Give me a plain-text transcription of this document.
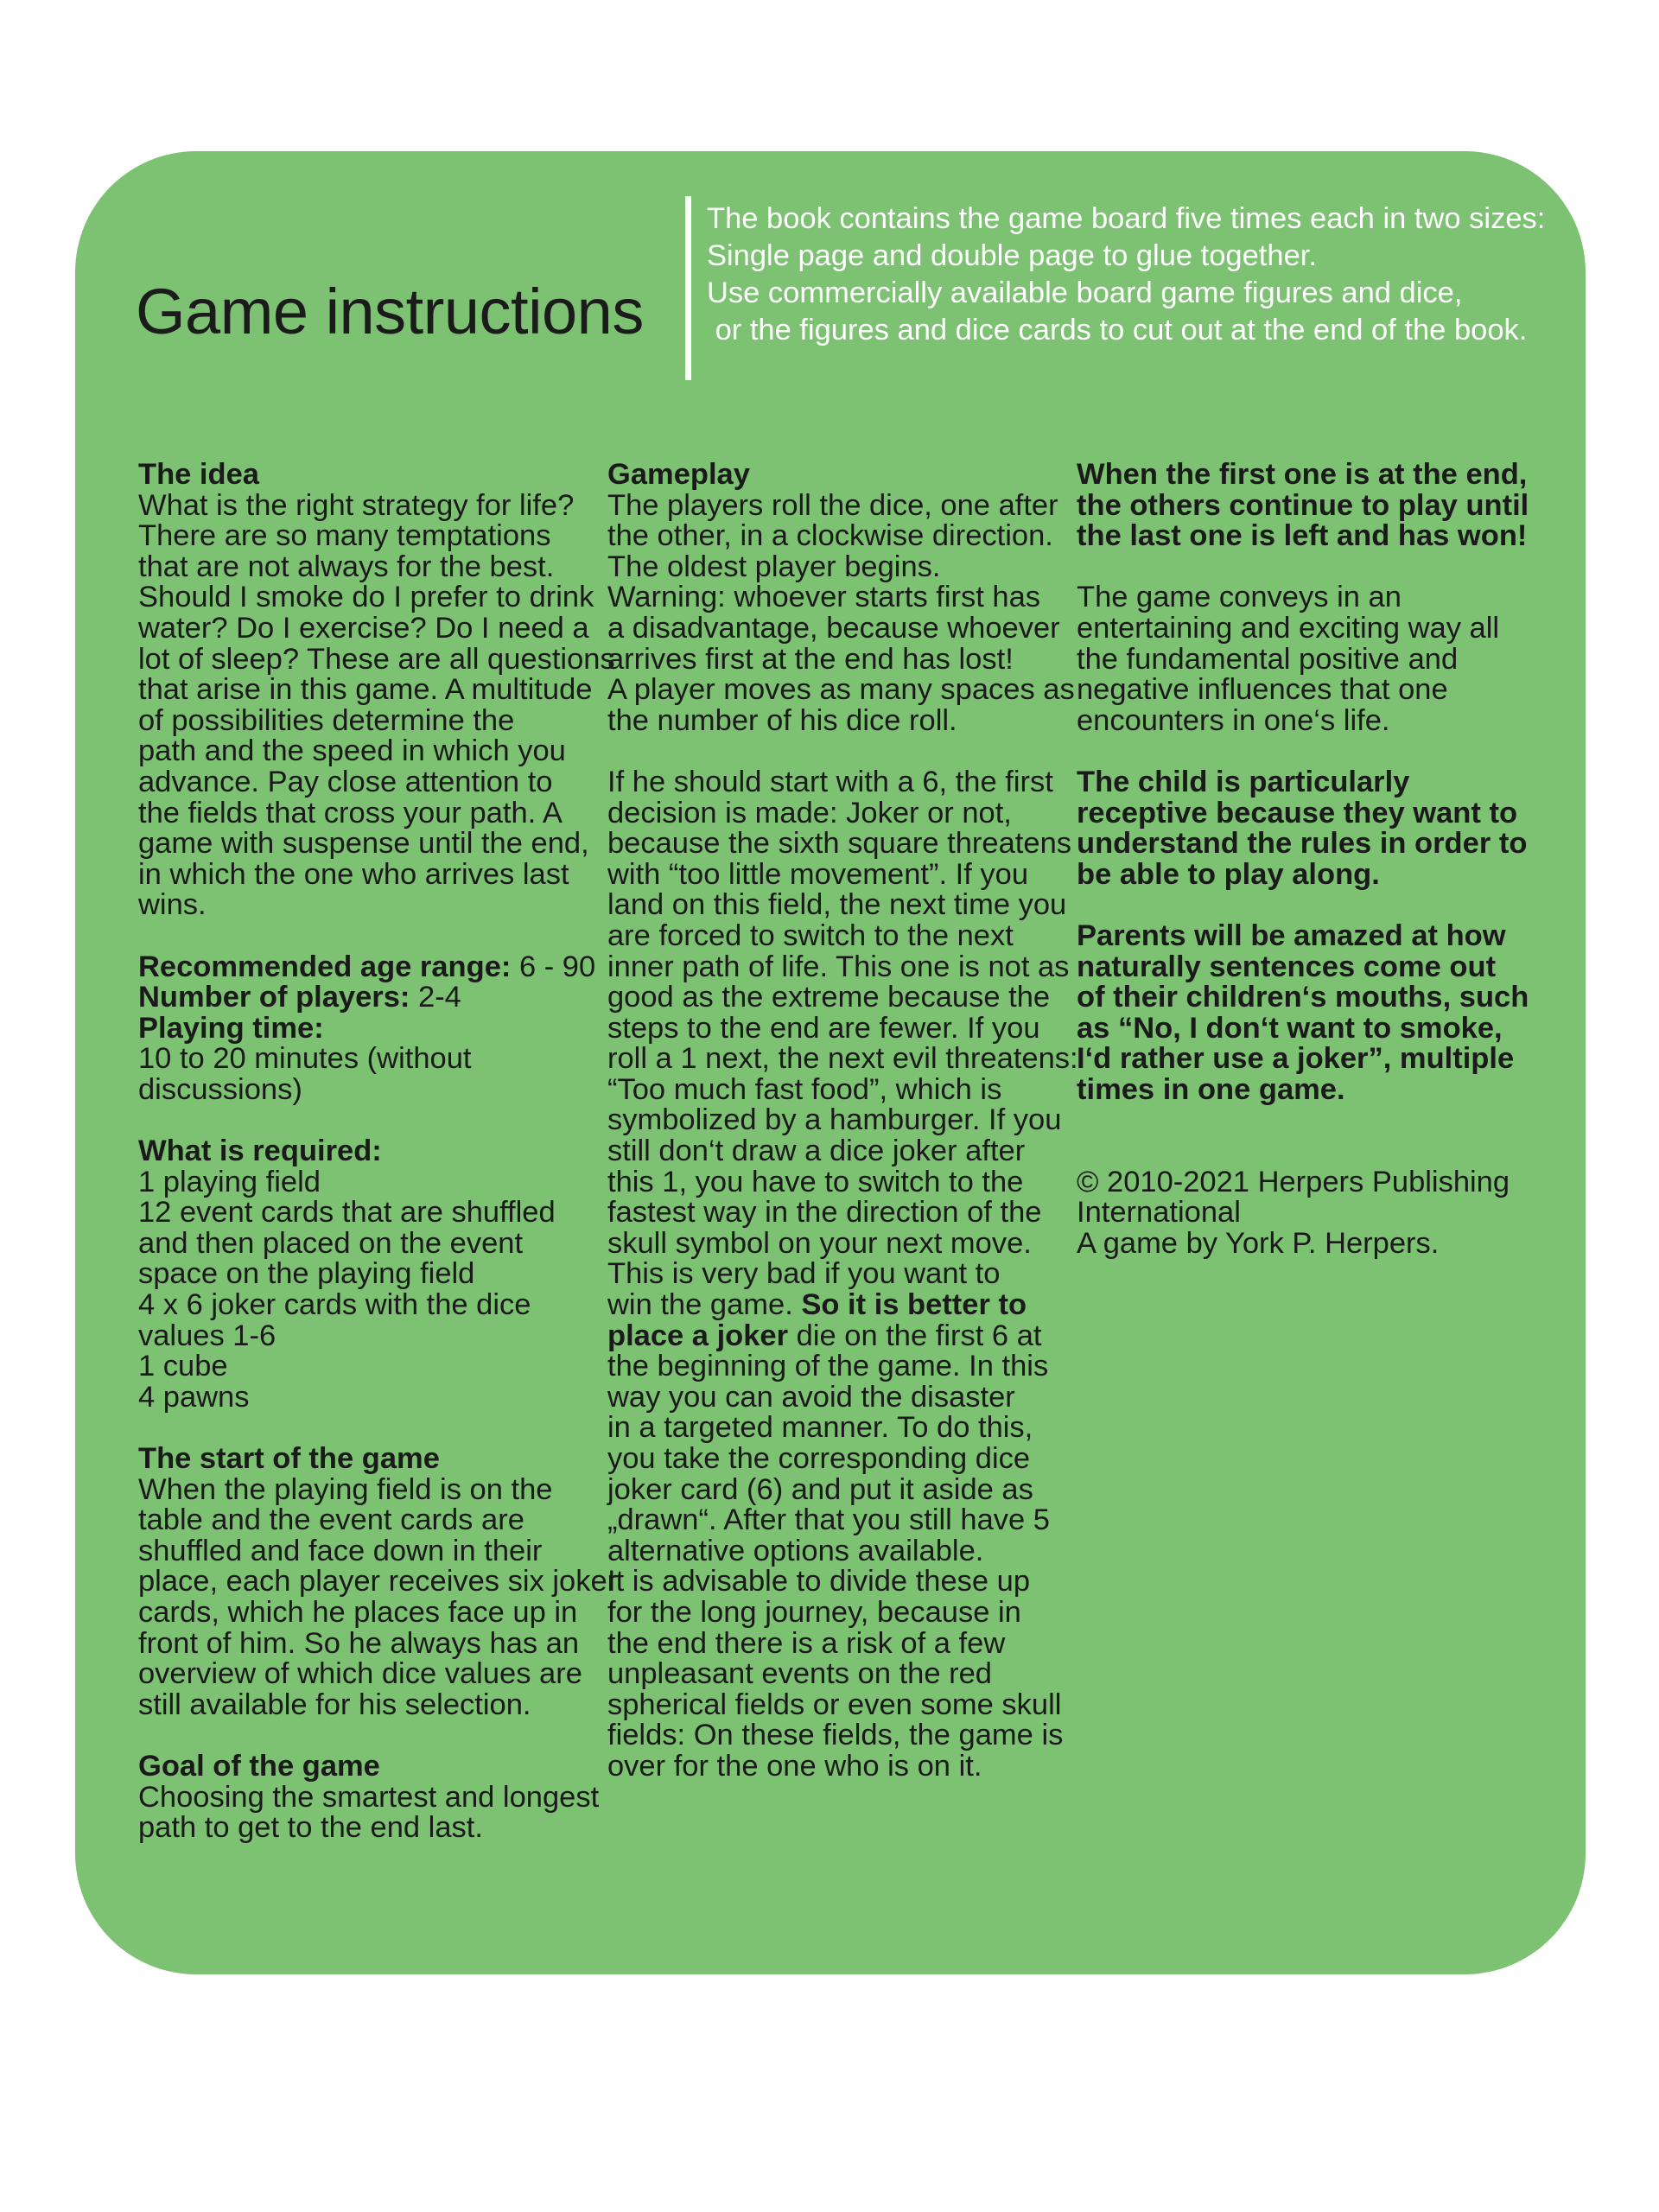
Game instructions
The book contains the game board five times each in two sizes:
Single page and double page to glue together.
Use commercially available board game figures and dice,
or the figures and dice cards to cut out at the end of the book.
The idea
What is the right strategy for life?
There are so many temptations
that are not always for the best.
Should I smoke do I prefer to drink
water? Do I exercise? Do I need a
lot of sleep? These are all questions
that arise in this game. A multitude
of possibilities determine the
path and the speed in which you
advance. Pay close attention to
the fields that cross your path. A
game with suspense until the end,
in which the one who arrives last
wins.
Recommended age range: 6 - 90
Number of players: 2-4
Playing time:
10 to 20 minutes (without
discussions)
What is required:
1 playing field
12 event cards that are shuffled
and then placed on the event
space on the playing field
4 x 6 joker cards with the dice
values 1-6
1 cube
4 pawns
The start of the game
When the playing field is on the
table and the event cards are
shuffled and face down in their
place, each player receives six joker
cards, which he places face up in
front of him. So he always has an
overview of which dice values are
still available for his selection.
Goal of the game
Choosing the smartest and longest
path to get to the end last.
Gameplay
The players roll the dice, one after
the other, in a clockwise direction.
The oldest player begins.
Warning: whoever starts first has
a disadvantage, because whoever
arrives first at the end has lost!
A player moves as many spaces as
the number of his dice roll.
If he should start with a 6, the first
decision is made: Joker or not,
because the sixth square threatens
with “too little movement”. If you
land on this field, the next time you
are forced to switch to the next
inner path of life. This one is not as
good as the extreme because the
steps to the end are fewer. If you
roll a 1 next, the next evil threatens:
“Too much fast food”, which is
symbolized by a hamburger. If you
still don‘t draw a dice joker after
this 1, you have to switch to the
fastest way in the direction of the
skull symbol on your next move.
This is very bad if you want to
win the game. So it is better to
place a joker die on the first 6 at
the beginning of the game. In this
way you can avoid the disaster
in a targeted manner. To do this,
you take the corresponding dice
joker card (6) and put it aside as
„drawn“. After that you still have 5
alternative options available.
It is advisable to divide these up
for the long journey, because in
the end there is a risk of a few
unpleasant events on the red
spherical fields or even some skull
fields: On these fields, the game is
over for the one who is on it.
When the first one is at the end,
the others continue to play until
the last one is left and has won!
The game conveys in an
entertaining and exciting way all
the fundamental positive and
negative influences that one
encounters in one‘s life.
The child is particularly
receptive because they want to
understand the rules in order to
be able to play along.
Parents will be amazed at how
naturally sentences come out
of their children‘s mouths, such
as “No, I don‘t want to smoke,
I‘d rather use a joker”, multiple
times in one game.
© 2010-2021 Herpers Publishing
International
A game by York P. Herpers.
